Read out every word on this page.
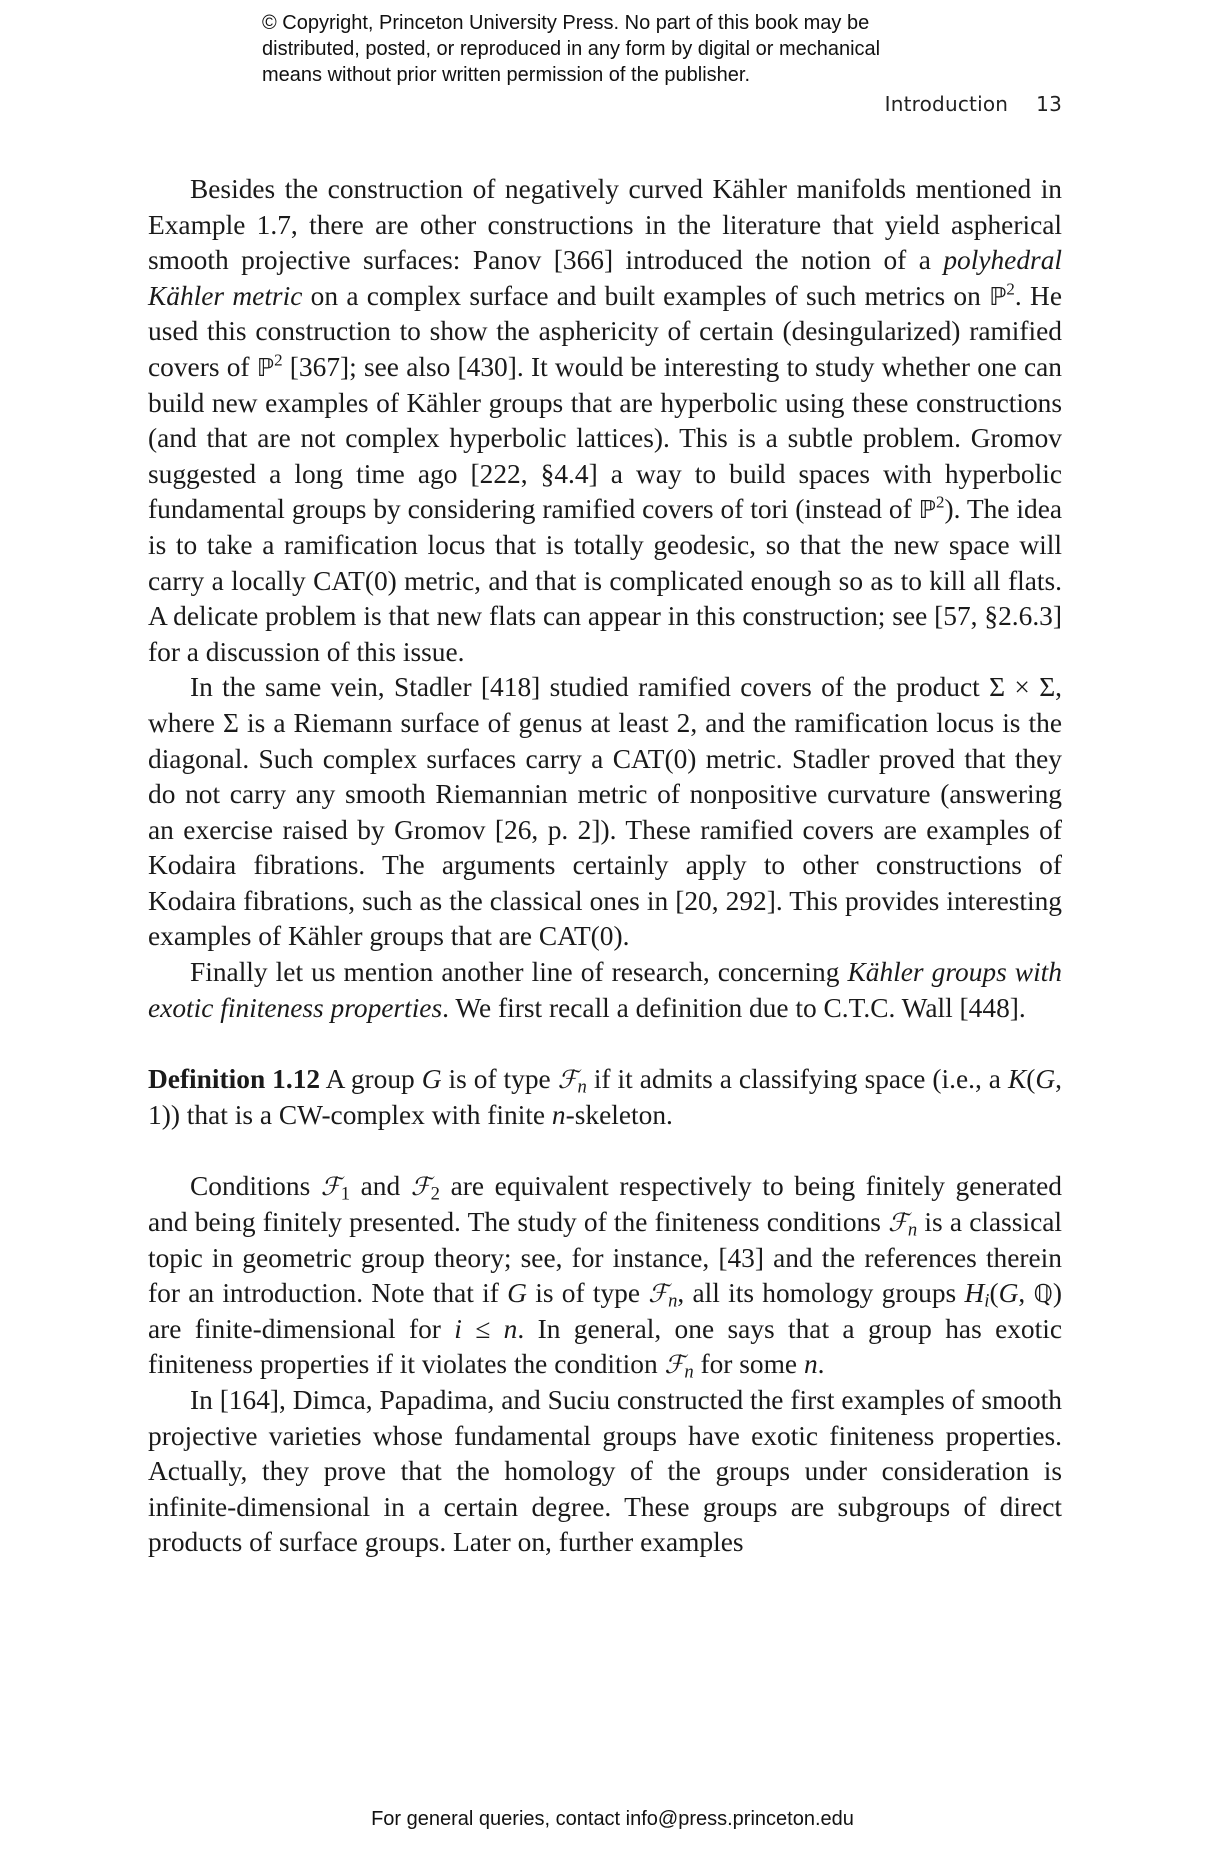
© Copyright, Princeton University Press. No part of this book may be
distributed, posted, or reproduced in any form by digital or mechanical
means without prior written permission of the publisher.
Introduction 13

Besides the construction of negatively curved Kähler manifolds mentioned in Example 1.7, there are other constructions in the literature that yield aspherical smooth projective surfaces: Panov [366] introduced the notion of a polyhedral Kähler metric on a complex surface and built examples of such metrics on ℙ$^2$. He used this construction to show the asphericity of certain (desingularized) ramified covers of ℙ$^2$ [367]; see also [430]. It would be interesting to study whether one can build new examples of Kähler groups that are hyperbolic using these constructions (and that are not complex hyperbolic lattices). This is a subtle problem. Gromov suggested a long time ago [222, §4.4] a way to build spaces with hyperbolic fundamental groups by considering ramified covers of tori (instead of ℙ$^2$). The idea is to take a ramification locus that is totally geodesic, so that the new space will carry a locally CAT(0) metric, and that is complicated enough so as to kill all flats. A delicate problem is that new flats can appear in this construction; see [57, §2.6.3] for a discussion of this issue.

In the same vein, Stadler [418] studied ramified covers of the product Σ × Σ, where Σ is a Riemann surface of genus at least 2, and the ramification locus is the diagonal. Such complex surfaces carry a CAT(0) metric. Stadler proved that they do not carry any smooth Riemannian metric of nonpositive curvature (answering an exercise raised by Gromov [26, p. 2]). These ramified covers are examples of Kodaira fibrations. The arguments certainly apply to other constructions of Kodaira fibrations, such as the classical ones in [20, 292]. This provides interesting examples of Kähler groups that are CAT(0).

Finally let us mention another line of research, concerning Kähler groups with exotic finiteness properties. We first recall a definition due to C.T.C. Wall [448].

Definition 1.12 A group G is of type ℱ$_n$ if it admits a classifying space (i.e., a K(G, 1)) that is a CW-complex with finite n-skeleton.

Conditions ℱ$_1$ and ℱ$_2$ are equivalent respectively to being finitely generated and being finitely presented. The study of the finiteness conditions ℱ$_n$ is a classical topic in geometric group theory; see, for instance, [43] and the references therein for an introduction. Note that if G is of type ℱ$_n$, all its homology groups $H_i(G$, ℚ) are finite-dimensional for i ≤ n. In general, one says that a group has exotic finiteness properties if it violates the condition ℱ$_n$ for some n.

In [164], Dimca, Papadima, and Suciu constructed the first examples of smooth projective varieties whose fundamental groups have exotic finiteness properties. Actually, they prove that the homology of the groups under consideration is infinite-dimensional in a certain degree. These groups are subgroups of direct products of surface groups. Later on, further examples

For general queries, contact info@press.princeton.edu
